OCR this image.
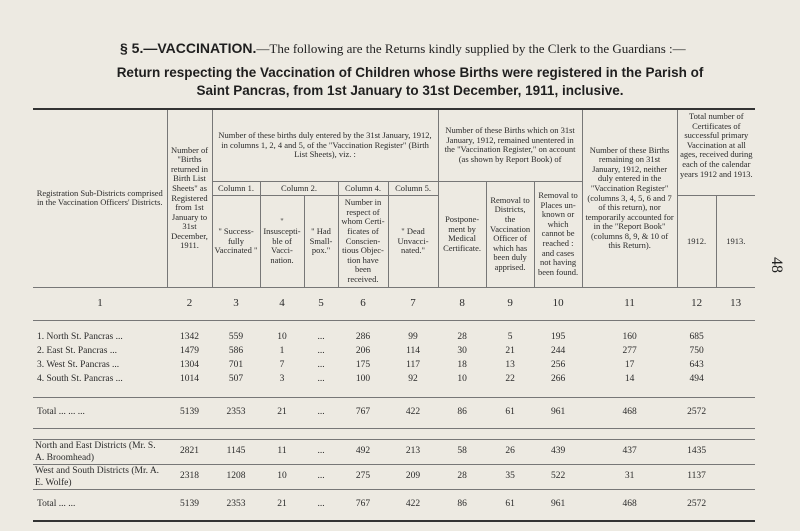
§ 5.—VACCINATION.—The following are the Returns kindly supplied by the Clerk to the Guardians :—
Return respecting the Vaccination of Children whose Births were registered in the Parish of
Saint Pancras, from 1st January to 31st December, 1911, inclusive.
48
Registration Sub-Districts comprised in the Vaccination Officers' Districts.	Number of "Births returned in Birth List Sheets" as Registered from 1st January to 31st December, 1911.	Number of these births duly entered by the 31st January, 1912, in columns 1, 2, 4 and 5, of the "Vaccination Register" (Birth List Sheets), viz. :					Number of these Births which on 31st January, 1912, remained unentered in the "Vaccination Register," on account (as shown by Report Book) of			Number of these Births remaining on 31st January, 1912, neither duly entered in the "Vaccination Register" (columns 3, 4, 5, 6 and 7 of this return), nor temporarily accounted for in the "Report Book" (columns 8, 9, & 10 of this Return).	Total number of Certificates of successful primary Vaccination at all ages, received during each of the calendar years 1912 and 1913.	
		Column 1.	Column 2.		Column 4.	Column 5.	Postpone-ment by Medical Certificate.	Removal to Districts, the Vaccination Officer of which has been duly apprised.	Removal to Places un-known or which cannot be reached : and cases not having been found.			
		" Success-fully Vaccinated "	" Insuscepti-ble of Vacci-nation.	" Had Small-pox."	Number in respect of whom Certi-ficates of Conscien-tious Objec-tion have been received.	" Dead Unvacci-nated."					1912.	1913.
1	2	3	4	5	6	7	8	9	10	11	12	13

1. North St. Pancras ...	1342	559	10	...	286	99	28	5	195	160	685	
2. East St. Pancras ...	1479	586	1	...	206	114	30	21	244	277	750	
3. West St. Pancras ...	1304	701	7	...	175	117	18	13	256	17	643	
4. South St. Pancras ...	1014	507	3	...	100	92	10	22	266	14	494	

Total ... ... ...	5139	2353	21	...	767	422	86	61	961	468	2572	

North and East Districts (Mr. S. A. Broomhead)	2821	1145	11	...	492	213	58	26	439	437	1435	
West and South Districts (Mr. A. E. Wolfe)	2318	1208	10	...	275	209	28	35	522	31	1137	
Total ... ...	5139	2353	21	...	767	422	86	61	961	468	2572	
